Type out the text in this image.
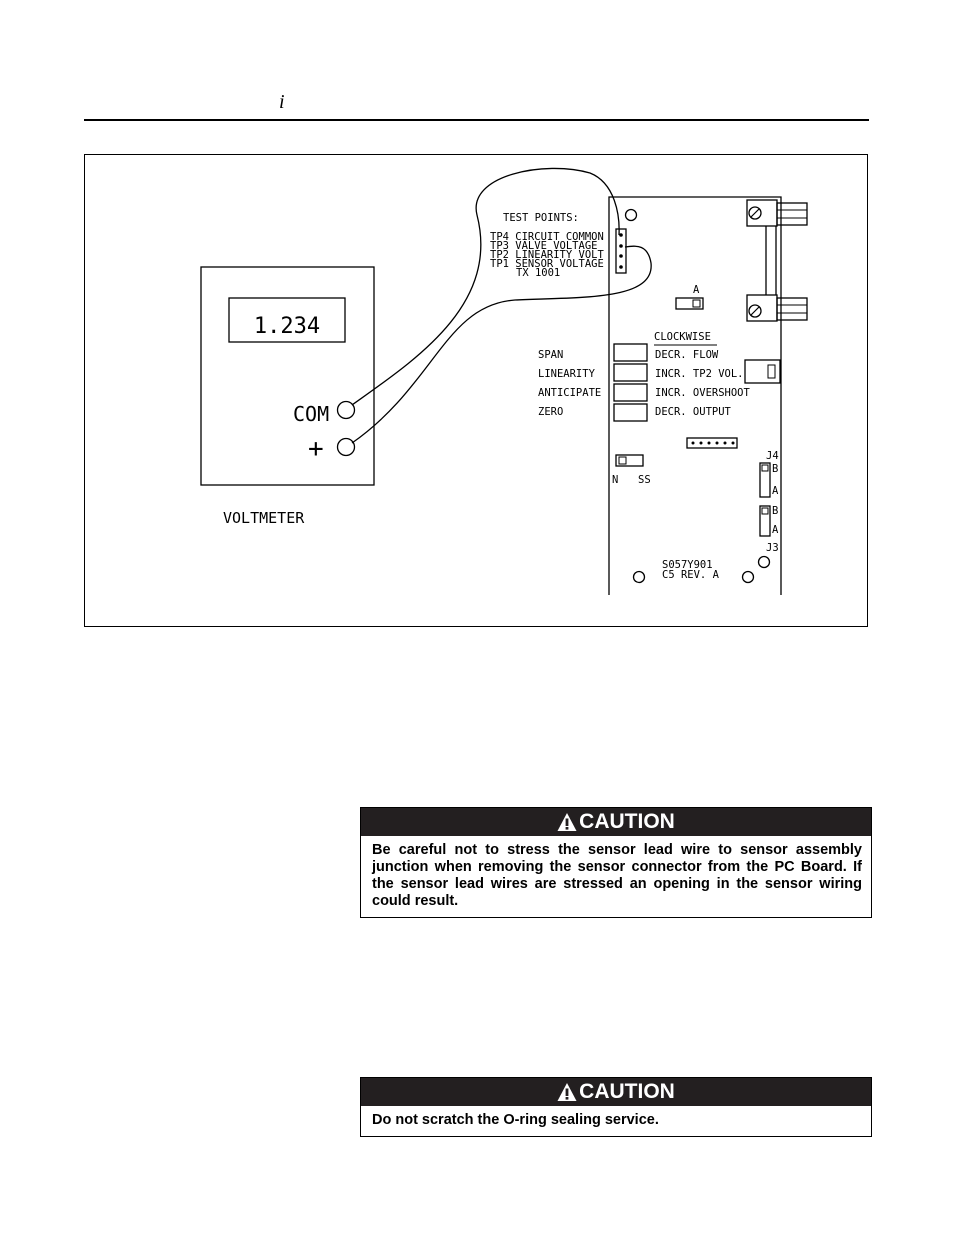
i
1.234
COM
+
VOLTMETER
TEST POINTS:
TP4 CIRCUIT COMMON
TP3 VALVE VOLTAGE
TP2 LINEARITY VOLT
TP1 SENSOR VOLTAGE
TX 1001
A
CLOCKWISE
SPAN
LINEARITY
ANTICIPATE
ZERO
DECR. FLOW
INCR. TP2 VOL.
INCR. OVERSHOOT
DECR. OUTPUT
N SS
J4
B
A
B
A
J3
S057Y901
C5 REV. A
CAUTION
Be careful not to stress the sensor lead wire to sensor assembly junction when removing the sensor connector from the PC Board. If the sensor lead wires are stressed an opening in the sensor wiring could result.
CAUTION
Do not scratch the O-ring sealing service.
